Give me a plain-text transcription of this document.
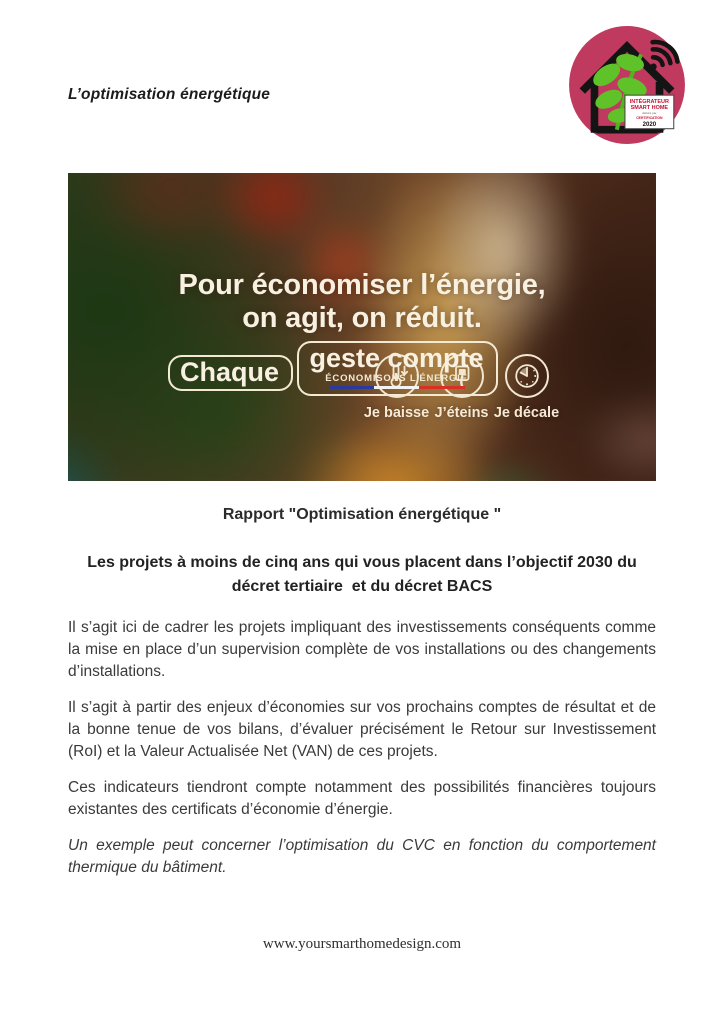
L’optimisation énergétique	INTÉGRATEUR
SMART HOME
délivré par
CERTIFICATION
2020
Pour économiser l’énergie,
on agit, on réduit.
Chaque geste compte
ÉCONOMISONS L’ÉNERGIE
Je baisse J’éteins Je décale

Rapport "Optimisation énergétique "

Les projets à moins de cinq ans qui vous placent dans l’objectif 2030 du
décret tertiaire  et du décret BACS

Il s’agit ici de cadrer les projets impliquant des investissements conséquents comme la mise en place d’un supervision complète de vos installations ou des changements d’installations.

Il s’agit à partir des enjeux d’économies sur vos prochains comptes de résultat et de la bonne tenue de vos bilans, d’évaluer précisément le Retour sur Investissement (RoI) et la Valeur Actualisée Net (VAN) de ces projets.

Ces indicateurs tiendront compte notamment des possibilités financières toujours existantes des certificats d’économie d’énergie.

Un exemple peut concerner l’optimisation du CVC en fonction du comportement thermique du bâtiment.

www.yoursmarthomedesign.com
